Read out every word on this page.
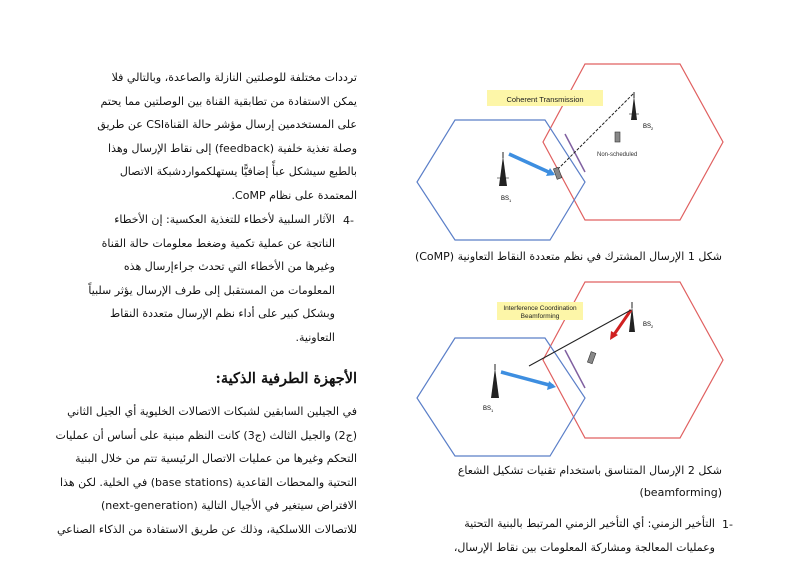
ترددات مختلفة للوصلتين النازلة والصاعدة، وبالتالي فلا
يمكن الاستفادة من تطابقية القناة بين الوصلتين مما يحتم
على المستخدمين إرسال مؤشر حالة القناةCSI عن طريق
وصلة تغذية خلفية (feedback) إلى نقاط الإرسال وهذا
بالطبع سيشكل عبأً إضافيًّا يستهلكمواردشبكة الاتصال
المعتمدة على نظام CoMP.
4-
الآثار السلبية لأخطاء للتغذية العكسية: إن الأخطاء
الناتجة عن عملية تكمية وضغط معلومات حالة القناة
وغيرها من الأخطاء التي تحدث جراءإرسال هذه
المعلومات من المستقبل إلى طرف الإرسال يؤثر سلبياً
وبشكل كبير على أداء نظم الإرسال متعددة النقاط
التعاونية.
الأجهزة الطرفية الذكية:
في الجيلين السابقين لشبكات الاتصالات الخليوية أي الجيل الثاني
(ج2) والجيل الثالث (ج3) كانت النظم مبنية على أساس أن عمليات
التحكم وغيرها من عمليات الاتصال الرئيسية تتم من خلال البنية
التحتية والمحطات القاعدية (base stations) في الخلية. لكن هذا
الافتراض سيتغير في الأجيال التالية (next-generation)
للاتصالات اللاسلكية، وذلك عن طريق الاستفادة من الذكاء الصناعي
Coherent Transmission
$BS_2$
$BS_1$
Non-scheduled
شكل 1 الإرسال المشترك في نظم متعددة النقاط التعاونية (CoMP)
Interference Coordination
Beamforming
$BS_2$
$BS_1$
شكل 2 الإرسال المتناسق باستخدام تقنيات تشكيل الشعاع
(beamforming)
1-
التأخير الزمني: أي التأخير الزمني المرتبط بالبنية التحتية
وعمليات المعالجة ومشاركة المعلومات بين نقاط الإرسال،
